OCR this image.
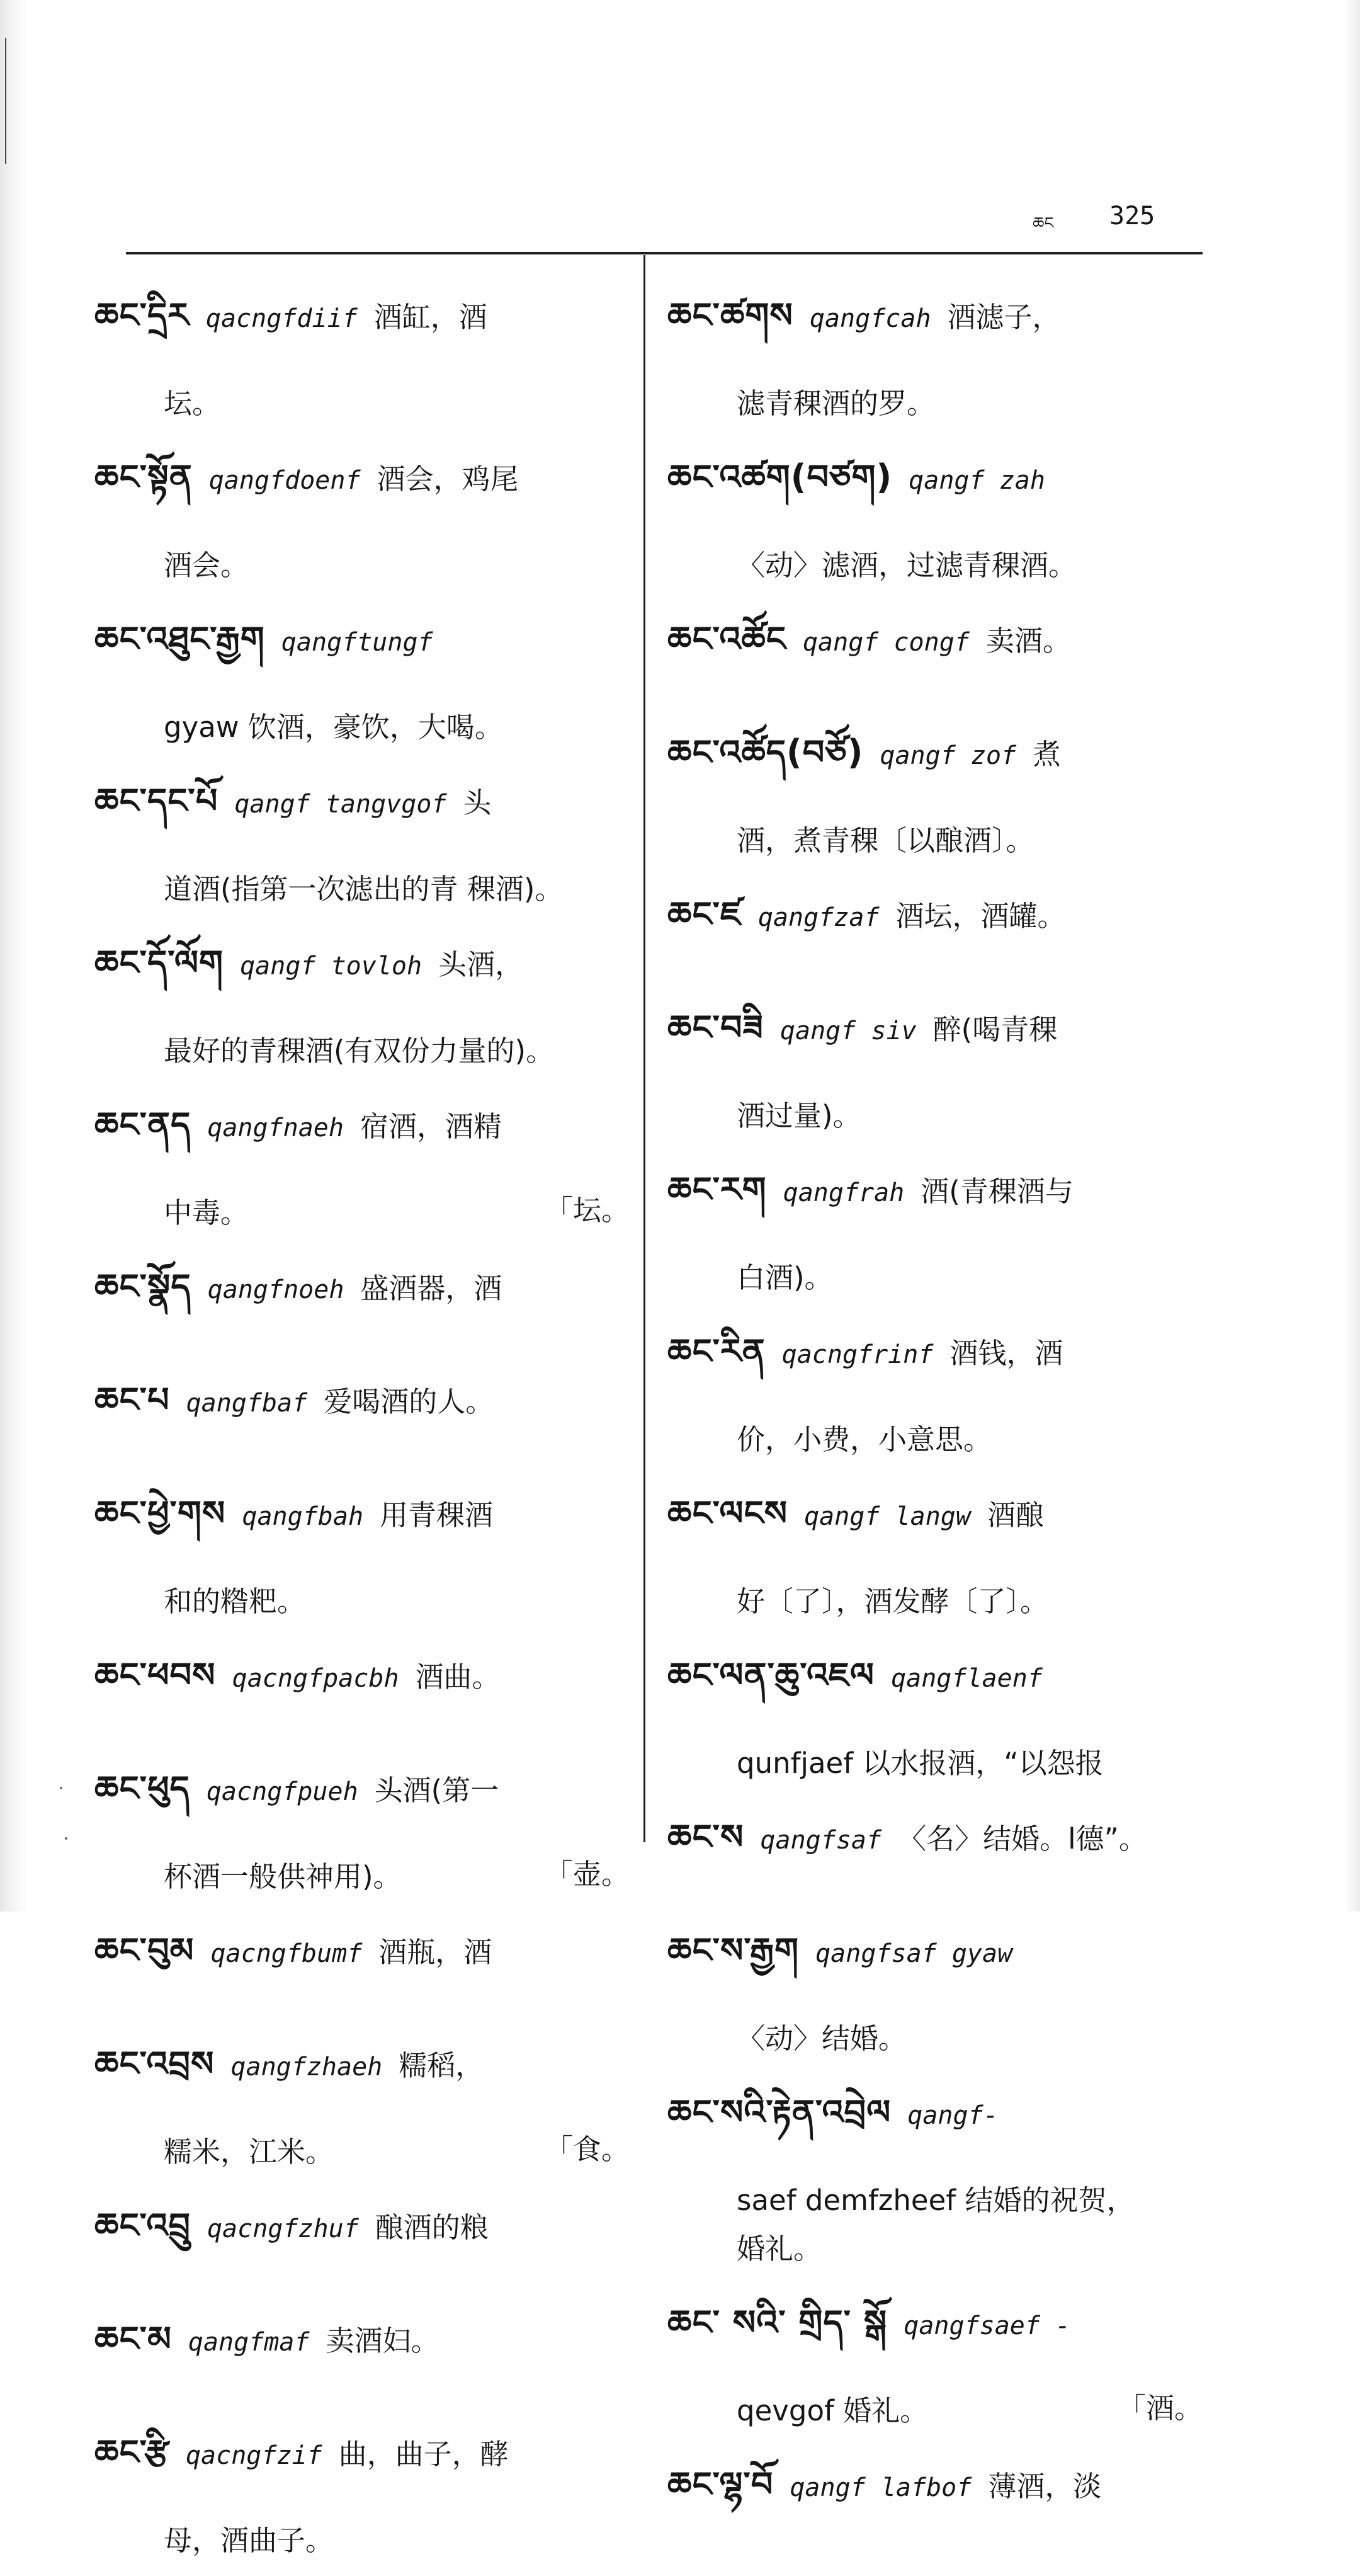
ཆང 325
ཆང་དྲིར qacngfdiif 酒缸，酒
坛。
ཆང་སྟོན qangfdoenf 酒会，鸡尾
酒会。
ཆང་འཐུང་རྒྱག qangftungf
gyaw 饮酒，豪饮，大喝。
ཆང་དང་པོ qangf tangvgof 头
道酒(指第一次滤出的青 稞酒)。
ཆང་དོ་ལོག qangf tovloh 头酒，
最好的青稞酒(有双份力量的)。
ཆང་ནད qangfnaeh 宿酒，酒精
中毒。	「坛。
ཆང་སྣོད qangfnoeh 盛酒器，酒
ཆང་པ qangfbaf 爱喝酒的人。
ཆང་ཕྱེ་གས qangfbah 用青稞酒
和的糌粑。
ཆང་ཕབས qacngfpacbh 酒曲。
ཆང་ཕུད qacngfpueh 头酒(第一
杯酒一般供神用)。	「壶。
ཆང་བུམ qacngfbumf 酒瓶，酒
ཆང་འབྲས qangfzhaeh 糯稻，
糯米，江米。	「食。
ཆང་འབྲུ qacngfzhuf 酿酒的粮
ཆང་མ qangfmaf 卖酒妇。
ཆང་རྩི qacngfzif 曲，曲子，酵
母，酒曲子。
ཆང་ཚགས qangfcah 酒滤子，
滤青稞酒的罗。
ཆང་འཚག(བཙག) qangf zah
〈动〉滤酒，过滤青稞酒。
ཆང་འཚོང qangf congf 卖酒。
ཆང་འཚོད(བཙོ) qangf zof 煮
酒，煮青稞〔以酿酒〕。
ཆང་ཛ qangfzaf 酒坛，酒罐。
ཆང་བཟི qangf siv 醉(喝青稞
酒过量)。
ཆང་རག qangfrah 酒(青稞酒与
白酒)。
ཆང་རིན qacngfrinf 酒钱，酒
价，小费，小意思。
ཆང་ལངས qangf langw 酒酿
好〔了〕，酒发酵〔了〕。
ཆང་ལན་ཆུ་འཇལ qangflaenf
qunfjaef 以水报酒，“以怨报
ཆང་ས qangfsaf 〈名〉结婚。l德”。
ཆང་ས་རྒྱག qangfsaf gyaw
〈动〉结婚。
ཆང་སའི་རྟེན་འབྲེལ qangf-
saef demfzheef 结婚的祝贺，
婚礼。
ཆང་ སའི་ གྲིད་ སྒོ qangfsaef -
qevgof 婚礼。	「酒。
ཆང་ལྷ་བོ qangf lafbof 薄酒，淡
·
·
